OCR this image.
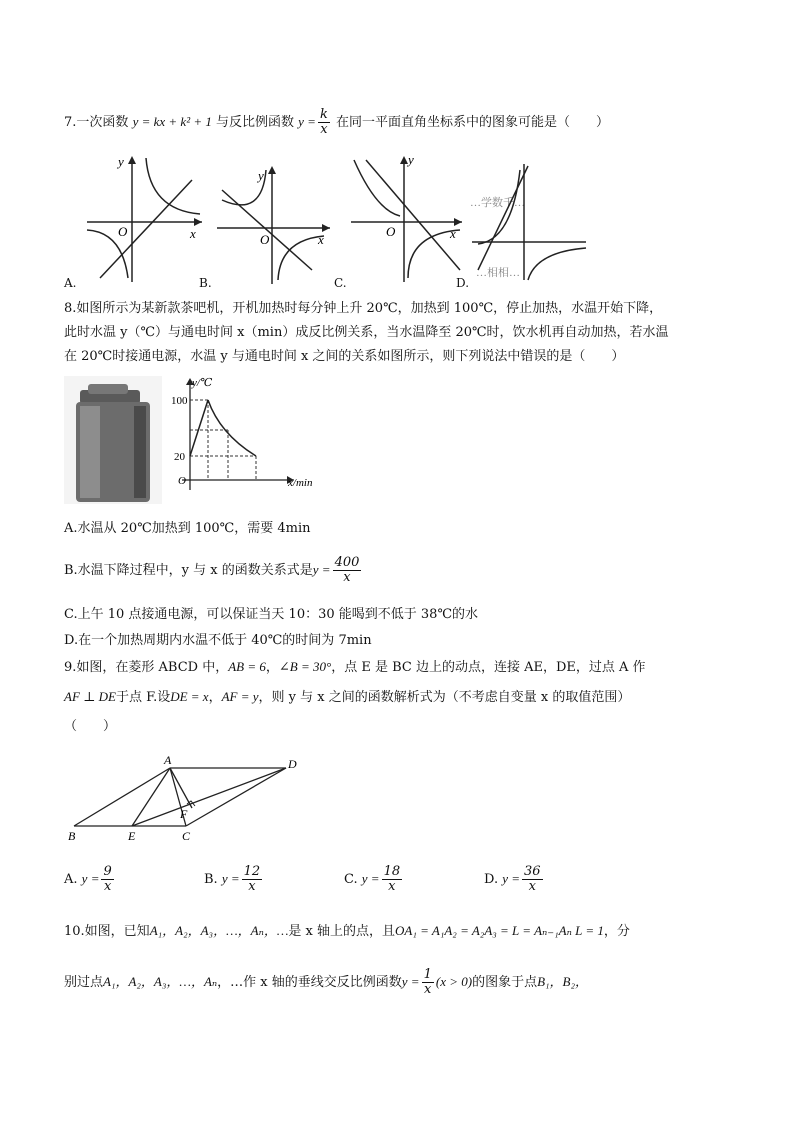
7.一次函数 y = kx + k² + 1 与反比例函数 $y = \frac{k}{x}$ 在同一平面直角坐标系中的图象可能是（　　）
y
x
O
y
x
O
y
x
O
…学数千…
…相相…
A.	B.	C.	D.
8.如图所示为某新款茶吧机，开机加热时每分钟上升 20℃，加热到 100℃，停止加热，水温开始下降，
此时水温 y（℃）与通电时间 x（min）成反比例关系，当水温降至 20℃时，饮水机再自动加热，若水温
在 20℃时接通电源，水温 y 与通电时间 x 之间的关系如图所示，则下列说法中错误的是（　　）
y/℃
x/min
100
20
O
A.水温从 20℃加热到 100℃，需要 4min
B.水温下降过程中，y 与 x 的函数关系式是$y = \frac{400}{x}$
C.上午 10 点接通电源，可以保证当天 10：30 能喝到不低于 38℃的水
D.在一个加热周期内水温不低于 40℃的时间为 7min
9.如图，在菱形 ABCD 中，AB = 6，∠B = 30°，点 E 是 BC 边上的动点，连接 AE，DE，过点 A 作
AF ⊥ DE于点 F.设DE = x，AF = y，则 y 与 x 之间的函数解析式为（不考虑自变量 x 的取值范围）
（　　）
A
B	C
D
E
F
A. $y = \frac{9}{x}$	B. $y = \frac{12}{x}$	C. $y = \frac{18}{x}$	D. $y = \frac{36}{x}$
10.如图，已知A₁，A₂，A₃，…，Aₙ，…是 x 轴上的点，且OA₁ = A₁A₂ = A₂A₃ = L = Aₙ₋₁Aₙ L = 1，分
别过点A₁，A₂，A₃，…，Aₙ，…作 x 轴的垂线交反比例函数$y = \frac{1}{x} (x > 0)$的图象于点B₁，B₂，
